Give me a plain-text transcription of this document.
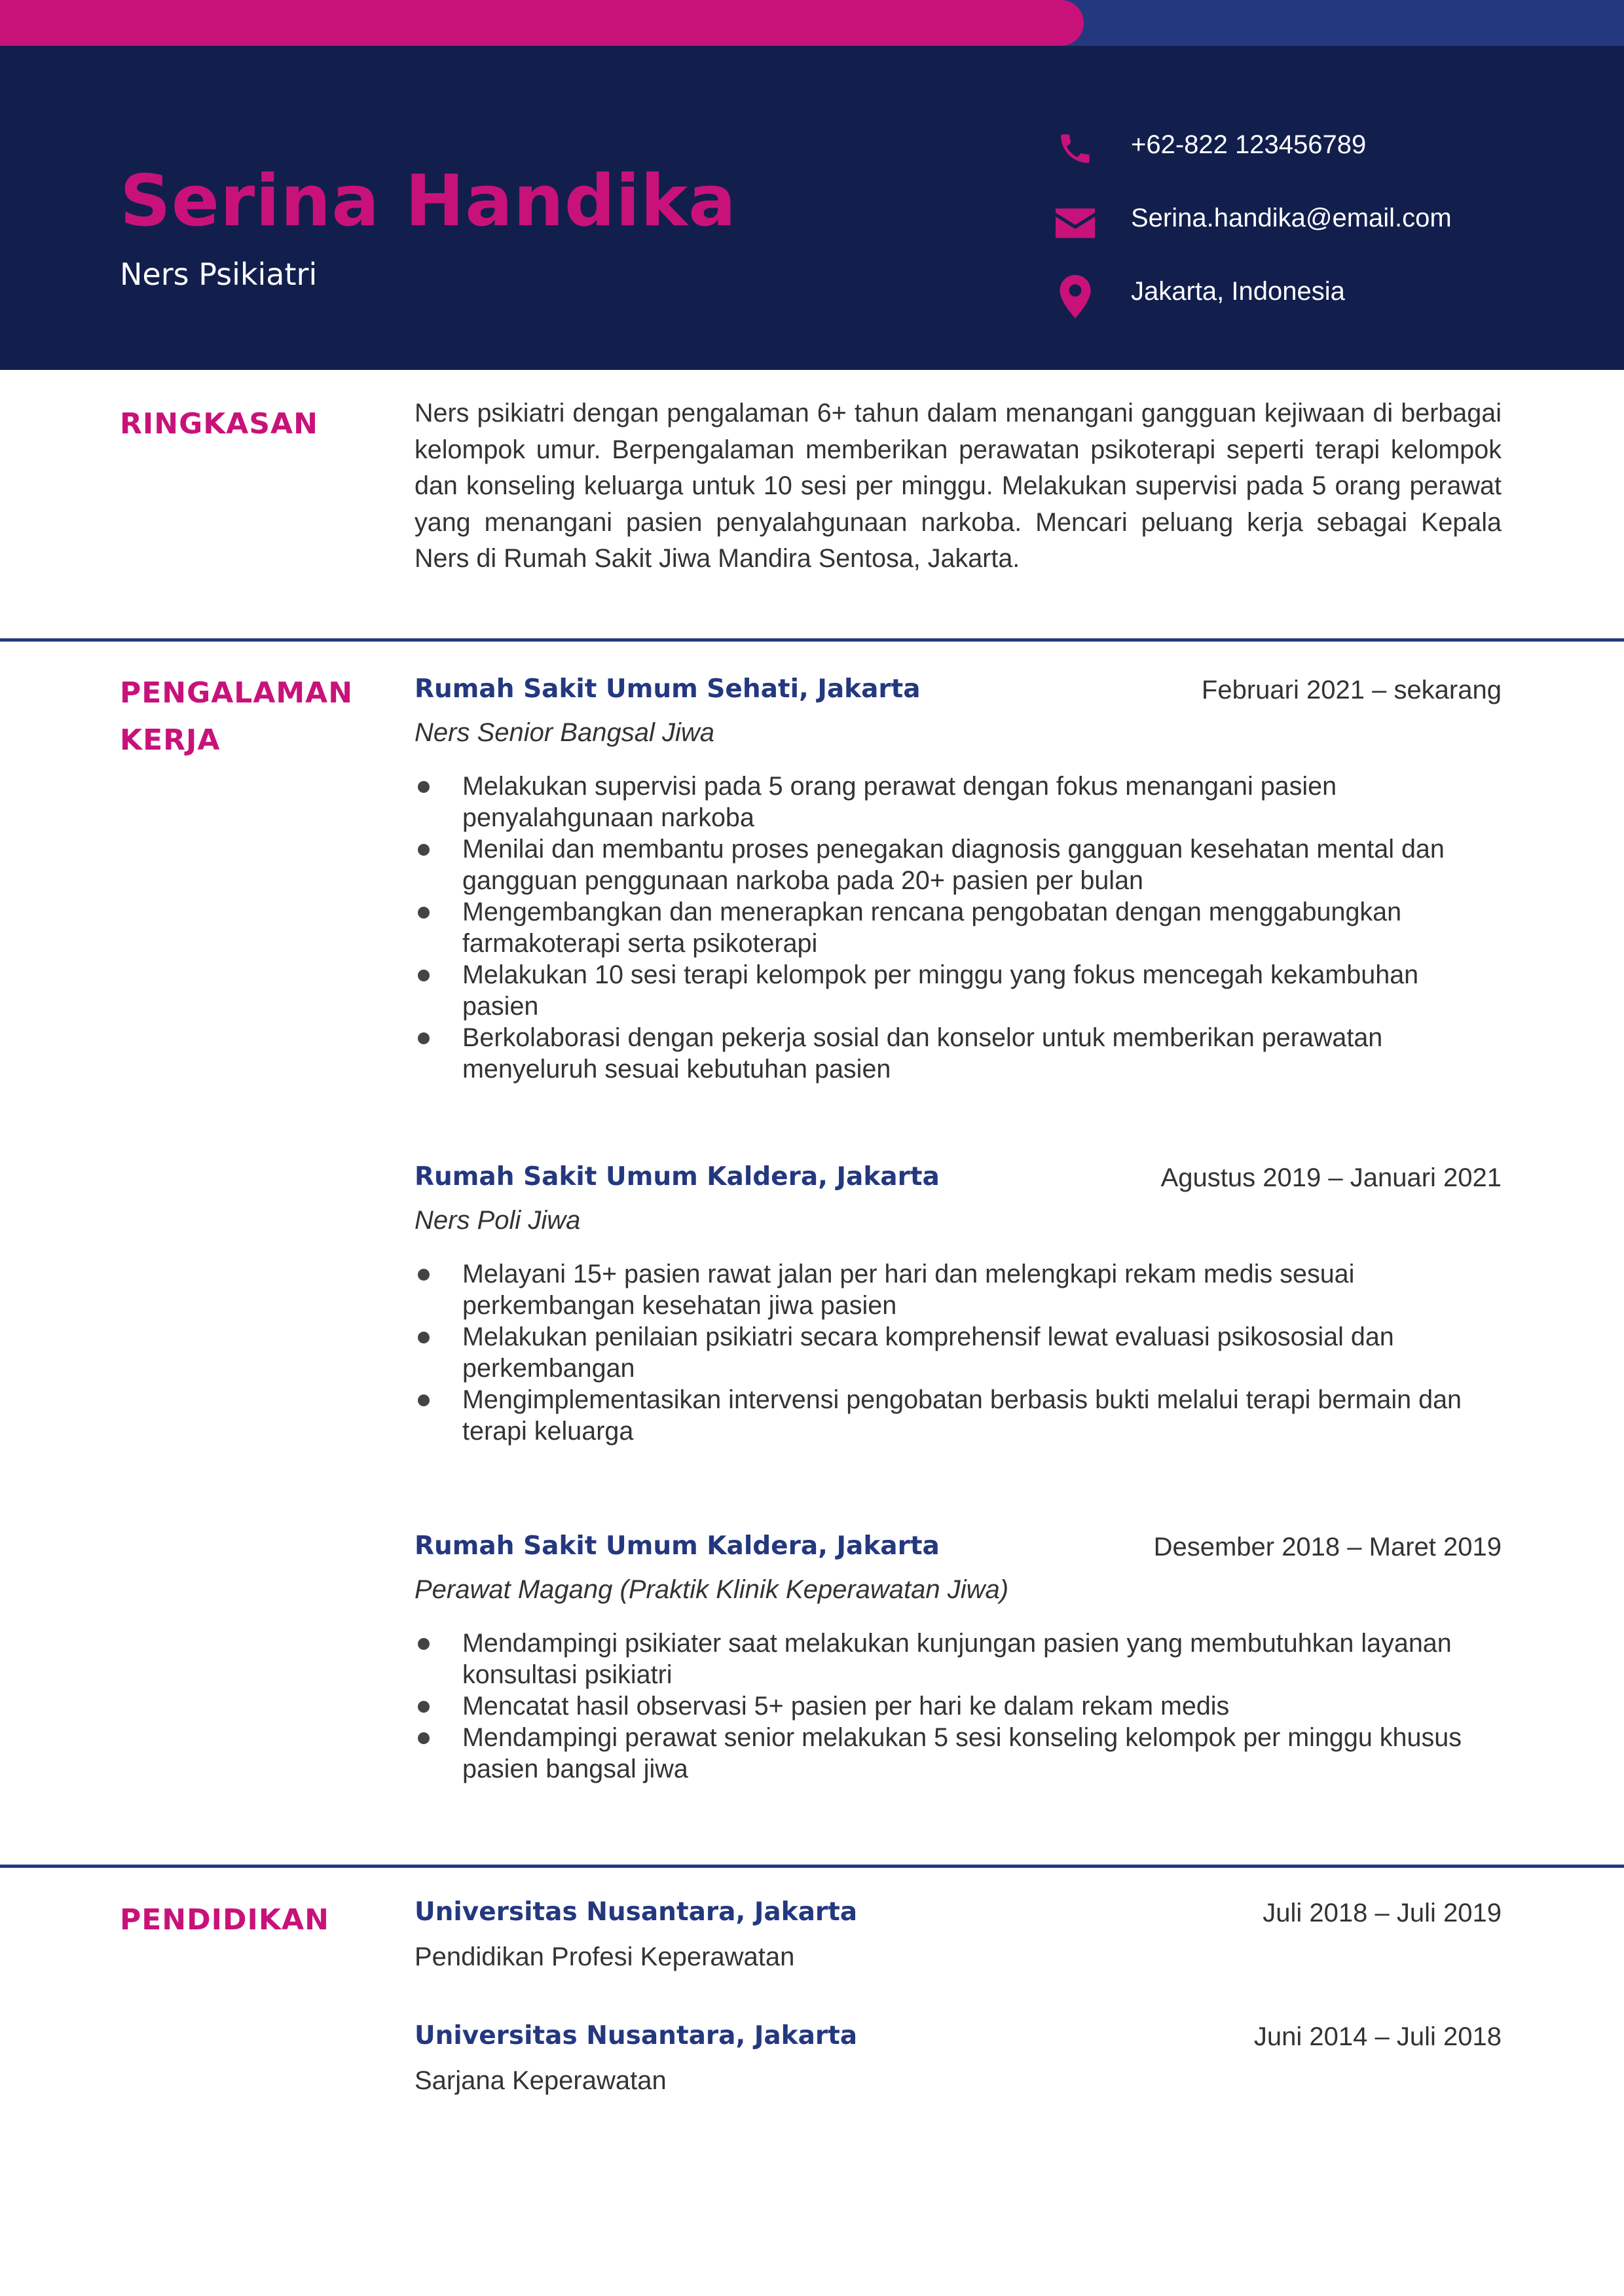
Serina Handika
Ners Psikiatri
+62-822 123456789
Serina.handika@email.com
Jakarta, Indonesia
RINGKASAN	Ners psikiatri dengan pengalaman 6+ tahun dalam menangani gangguan kejiwaan di berbagai kelompok umur. Berpengalaman memberikan perawatan psikoterapi seperti terapi kelompok dan konseling keluarga untuk 10 sesi per minggu. Melakukan supervisi pada 5 orang perawat yang menangani pasien penyalahgunaan narkoba. Mencari peluang kerja sebagai Kepala Ners di Rumah Sakit Jiwa Mandira Sentosa, Jakarta.
PENGALAMAN
KERJA
Rumah Sakit Umum Sehati, Jakarta	Februari 2021 – sekarang
Ners Senior Bangsal Jiwa
Melakukan supervisi pada 5 orang perawat dengan fokus menangani pasien penyalahgunaan narkoba
Menilai dan membantu proses penegakan diagnosis gangguan kesehatan mental dan gangguan penggunaan narkoba pada 20+ pasien per bulan
Mengembangkan dan menerapkan rencana pengobatan dengan menggabungkan farmakoterapi serta psikoterapi
Melakukan 10 sesi terapi kelompok per minggu yang fokus mencegah kekambuhan pasien
Berkolaborasi dengan pekerja sosial dan konselor untuk memberikan perawatan menyeluruh sesuai kebutuhan pasien
Rumah Sakit Umum Kaldera, Jakarta	Agustus 2019 – Januari 2021
Ners Poli Jiwa
Melayani 15+ pasien rawat jalan per hari dan melengkapi rekam medis sesuai perkembangan kesehatan jiwa pasien
Melakukan penilaian psikiatri secara komprehensif lewat evaluasi psikososial dan perkembangan
Mengimplementasikan intervensi pengobatan berbasis bukti melalui terapi bermain dan terapi keluarga
Rumah Sakit Umum Kaldera, Jakarta	Desember 2018 – Maret 2019
Perawat Magang (Praktik Klinik Keperawatan Jiwa)
Mendampingi psikiater saat melakukan kunjungan pasien yang membutuhkan layanan konsultasi psikiatri
Mencatat hasil observasi 5+ pasien per hari ke dalam rekam medis
Mendampingi perawat senior melakukan 5 sesi konseling kelompok per minggu khusus pasien bangsal jiwa
PENDIDIKAN	Universitas Nusantara, Jakarta	Juli 2018 – Juli 2019
Pendidikan Profesi Keperawatan
Universitas Nusantara, Jakarta	Juni 2014 – Juli 2018
Sarjana Keperawatan
